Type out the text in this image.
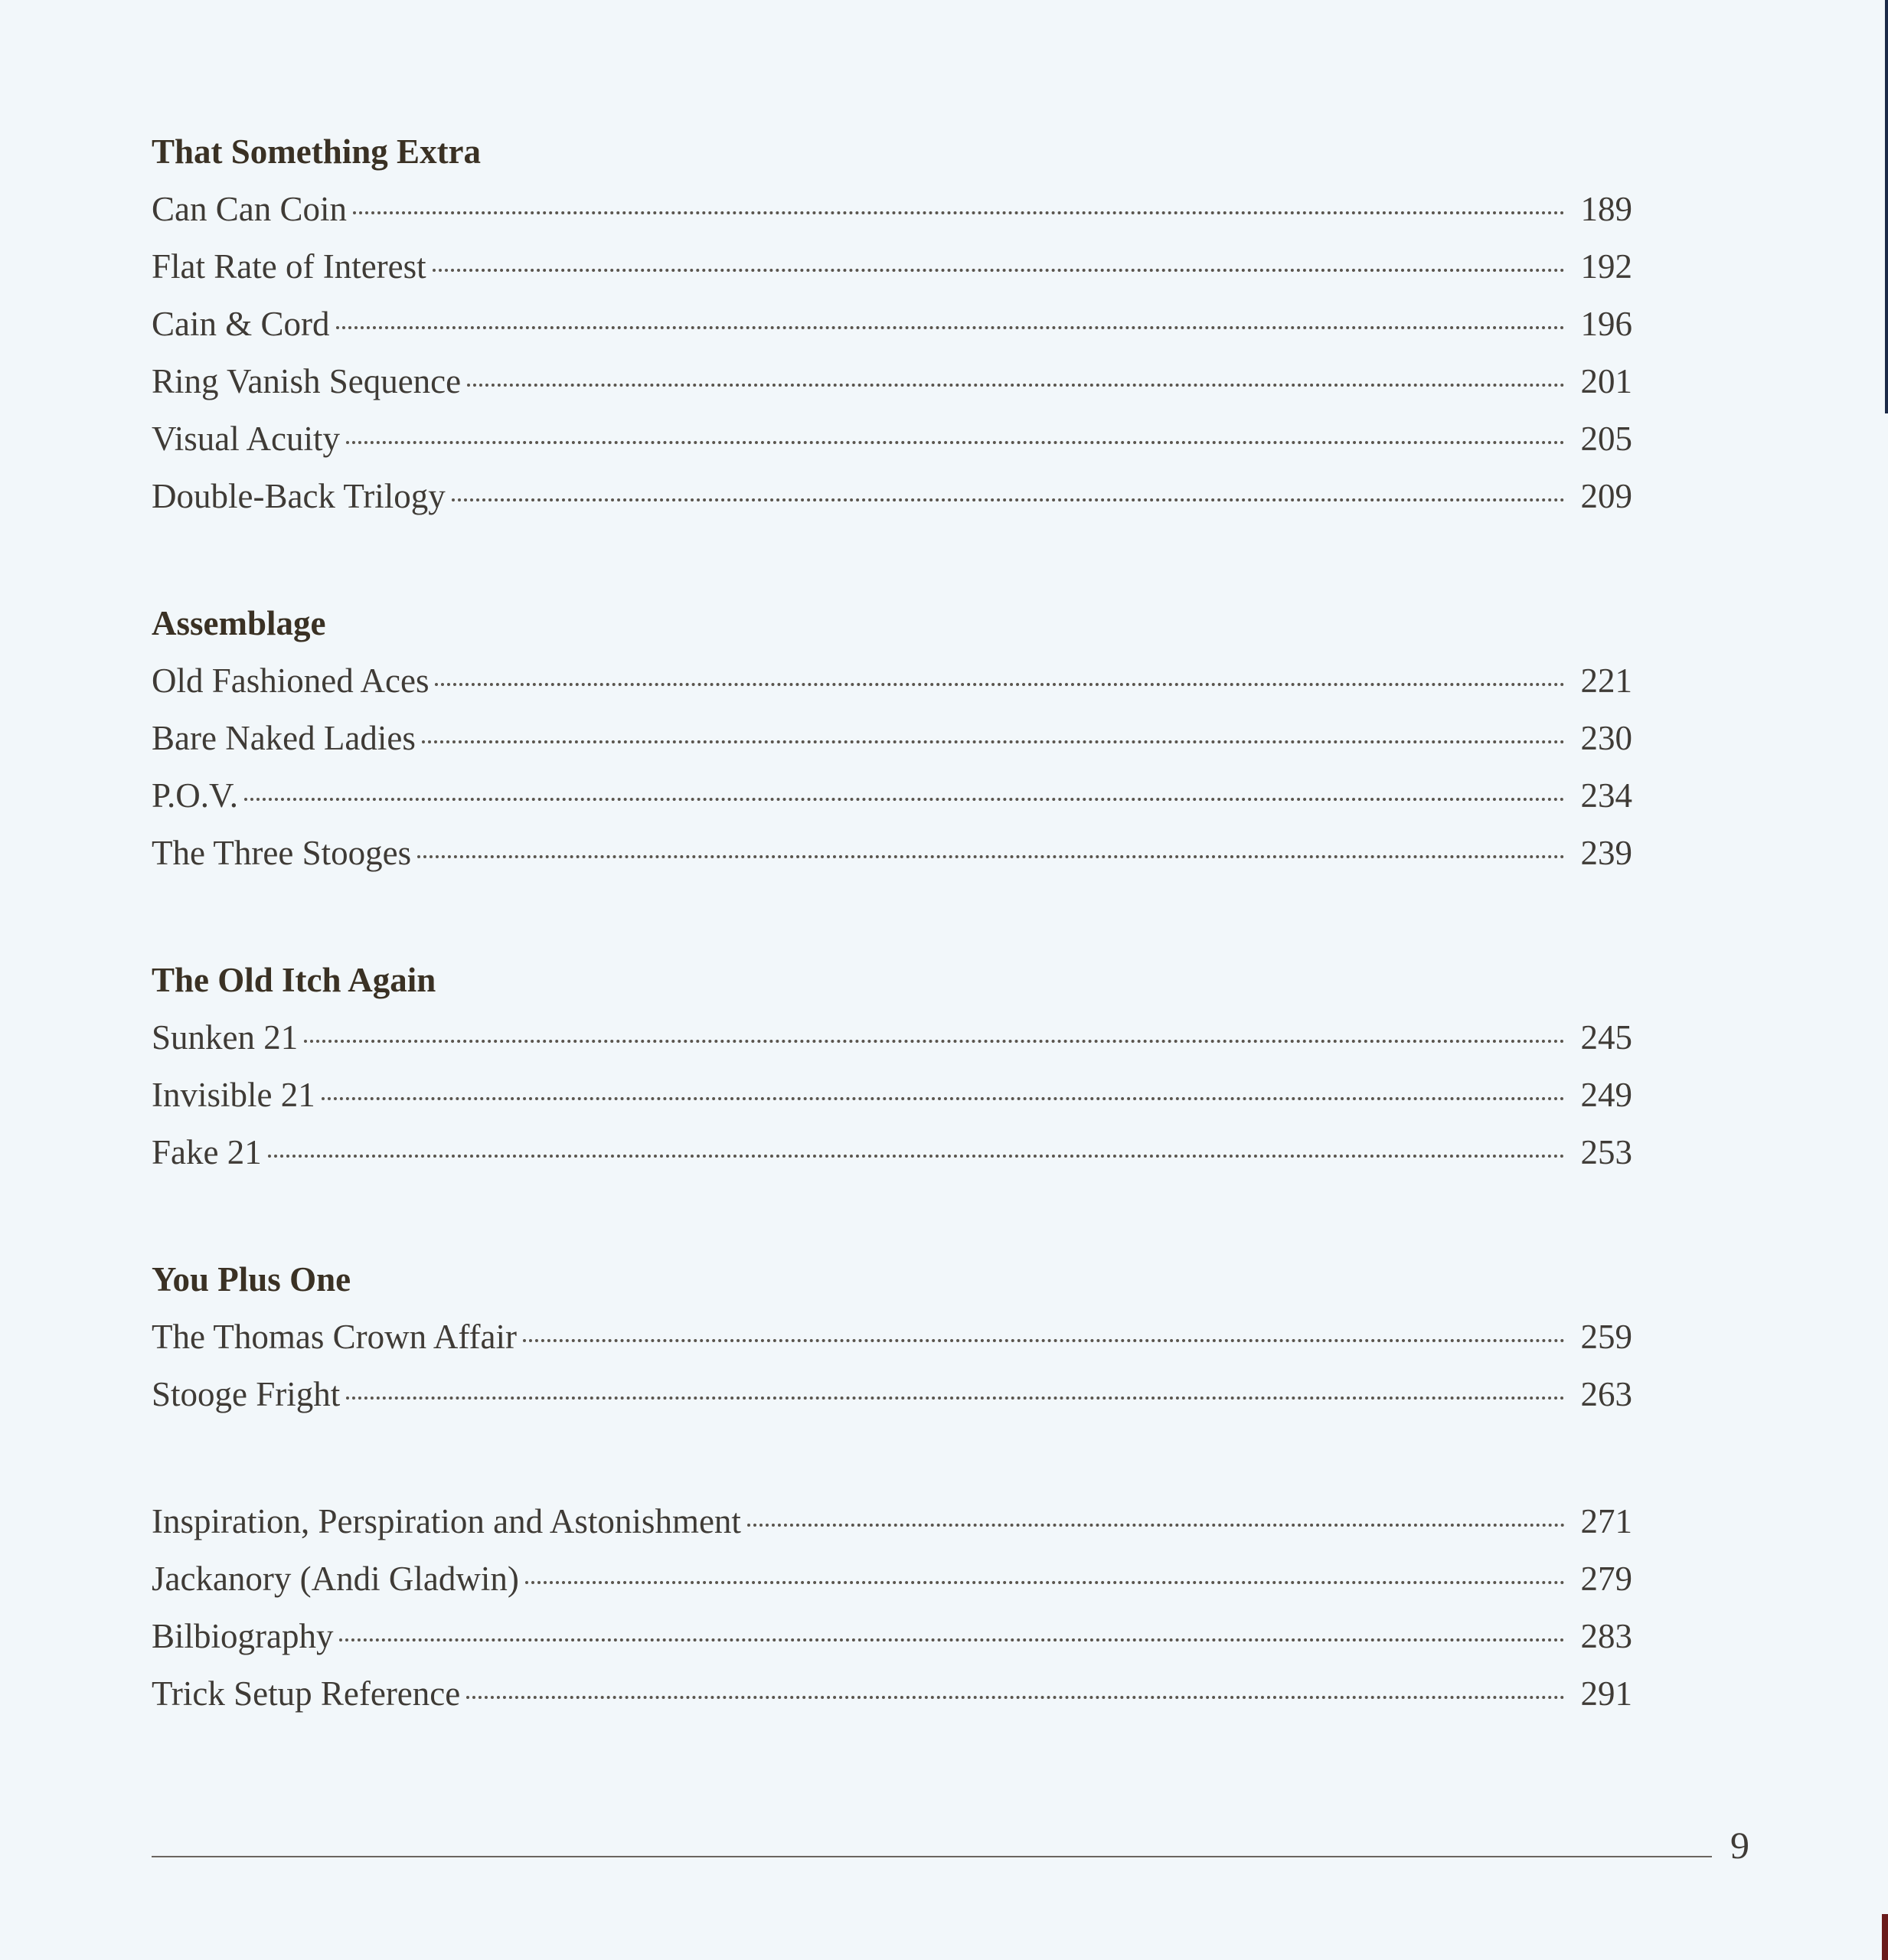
That Something Extra
Can Can Coin	189
Flat Rate of Interest	192
Cain & Cord	196
Ring Vanish Sequence	201
Visual Acuity	205
Double-Back Trilogy	209
Assemblage
Old Fashioned Aces	221
Bare Naked Ladies	230
P.O.V.	234
The Three Stooges	239
The Old Itch Again
Sunken 21	245
Invisible 21	249
Fake 21	253
You Plus One
The Thomas Crown Affair	259
Stooge Fright	263
Inspiration, Perspiration and Astonishment	271
Jackanory (Andi Gladwin)	279
Bilbiography	283
Trick Setup Reference	291
9
